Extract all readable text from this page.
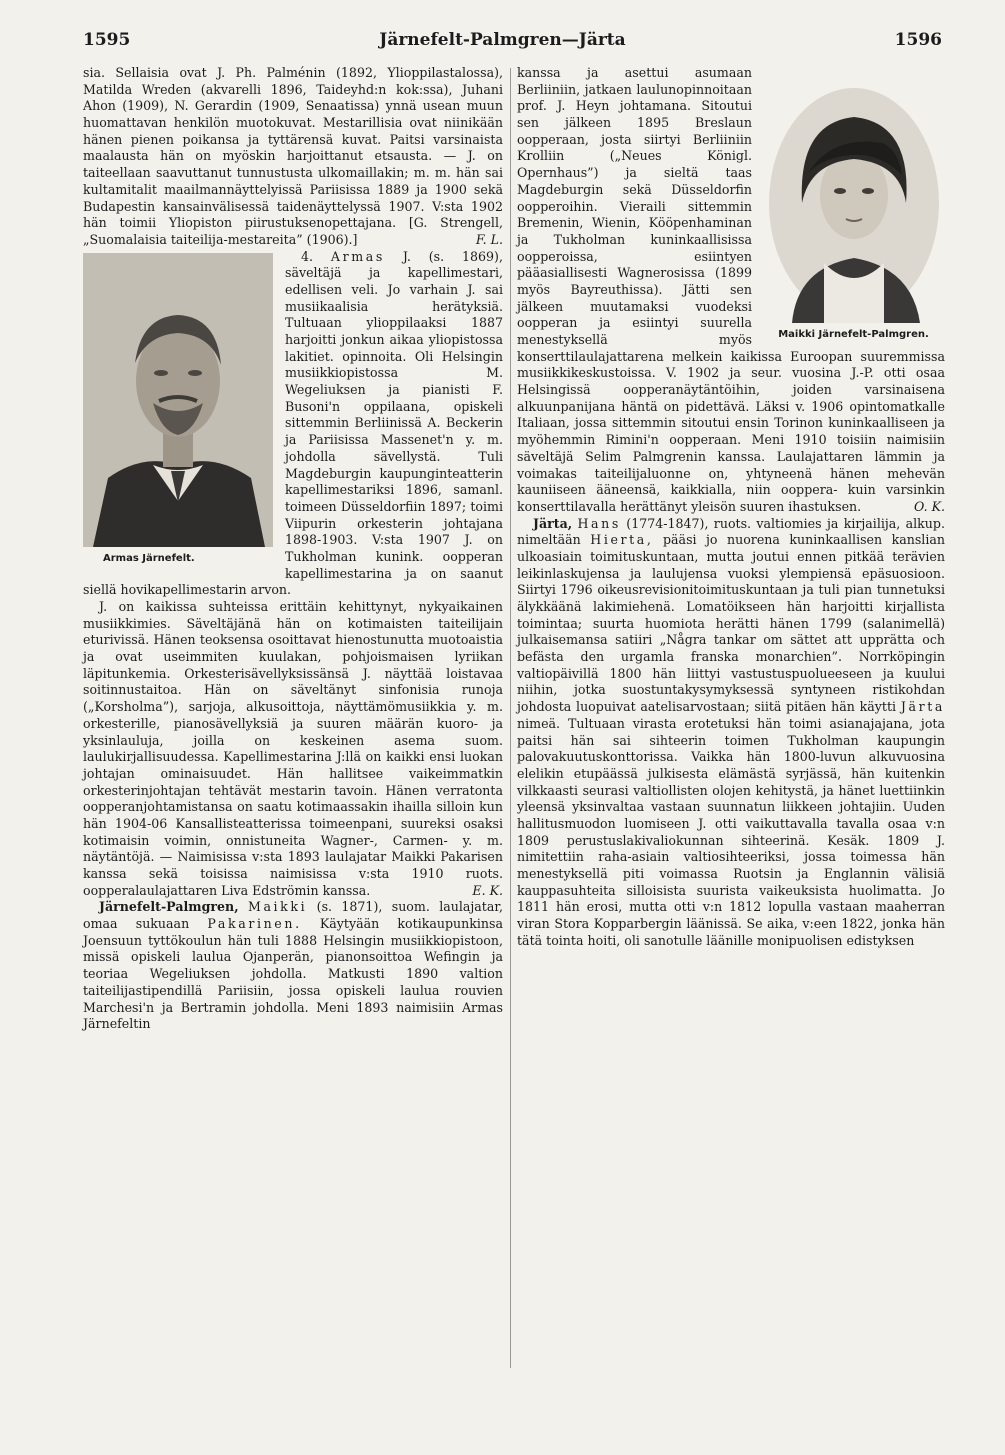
Järnefelt-Palmgren—Järta
1595	1596

sia. Sellaisia ovat J. Ph. Palménin (1892, Ylioppilastalossa), Matilda Wreden (akvarelli 1896, Taideyhd:n kok:ssa), Juhani Ahon (1909), N. Gerardin (1909, Senaatissa) ynnä usean muun huomattavan henkilön muotokuvat. Mestarillisia ovat niinikään hänen pienen poikansa ja tyttärensä kuvat. Paitsi varsinaista maalausta hän on myöskin harjoittanut etsausta. — J. on taiteellaan saavuttanut tunnustusta ulkomaillakin; m. m. hän sai kultamitalit maailmannäyttelyissä Pariisissa 1889 ja 1900 sekä Budapestin kansainvälisessä taidenäyttelyssä 1907. V:sta 1902 hän toimii Yliopiston piirustuksenopettajana. [G. Strengell, „Suomalaisia taiteilija-mestareita” (1906).]	F. L.

4. Armas
Armas Järnefelt.
J. (s. 1869), säveltäjä ja kapellimestari, edellisen veli. Jo varhain J. sai musiikaalisia herätyksiä. Tultuaan ylioppilaaksi 1887 harjoitti jonkun aikaa yliopistossa lakitiet. opinnoita. Oli Helsingin musiikkiopistossa M. Wegeliuksen ja pianisti F. Busoni'n oppilaana, opiskeli sittemmin Berliinissä A. Beckerin ja Pariisissa Massenet'n y. m. johdolla sävellystä. Tuli Magdeburgin kaupunginteatterin kapellimestariksi 1896, samanl. toimeen Düsseldorfiin 1897; toimi Viipurin orkesterin johtajana 1898-1903. V:sta 1907 J. on Tukholman kunink. oopperan kapellimestarina ja on saanut siellä hovikapellimestarin arvon.

J. on kaikissa suhteissa erittäin kehittynyt, nykyaikainen musiikkimies. Säveltäjänä hän on kotimaisten taiteilijain eturivissä. Hänen teoksensa osoittavat hienostunutta muotoaistia ja ovat useimmiten kuulakan, pohjoismaisen lyriikan läpitunkemia. Orkesterisävellyksissänsä J. näyttää loistavaa soitinnustaitoa. Hän on säveltänyt sinfonisia runoja („Korsholma”), sarjoja, alkusoittoja, näyttämömusiikkia y. m. orkesterille, pianosävellyksiä ja suuren määrän kuoro- ja yksinlauluja, joilla on keskeinen asema suom. laulukirjallisuudessa. Kapellimestarina J:llä on kaikki ensi luokan johtajan ominaisuudet. Hän hallitsee vaikeimmatkin orkesterinjohtajan tehtävät mestarin tavoin. Hänen verratonta oopperanjohtamistansa on saatu kotimaassakin ihailla silloin kun hän 1904-06 Kansallisteatterissa toimeenpani, suureksi osaksi kotimaisin voimin, onnistuneita Wagner-, Carmen- y. m. näytäntöjä. — Naimisissa v:sta 1893 laulajatar Maikki Pakarisen kanssa sekä toisissa naimisissa v:sta 1910 ruots. oopperalaulajattaren Liva Edströmin kanssa.	E. K.

Järnefelt-Palmgren, Maikki (s. 1871), suom. laulajatar, omaa sukuaan Pakarinen. Käytyään kotikaupunkinsa Joensuun tyttökoulun hän tuli 1888 Helsingin musiikkiopistoon, missä opiskeli laulua Ojanperän, pianonsoittoa Wefingin ja teoriaa Wegeliuksen johdolla. Matkusti 1890 valtion taiteilijastipendillä Pariisiin, jossa opiskeli laulua rouvien Marchesi'n ja Bertramin johdolla. Meni 1893 naimisiin Armas Järnefeltin

Maikki Järnefelt-Palmgren.

kanssa ja asettui asumaan Berliiniin, jatkaen laulunopinnoitaan prof. J. Heyn johtamana. Sitoutui sen jälkeen 1895 Breslaun oopperaan, josta siirtyi Berliiniin Krolliin („Neues Königl. Opernhaus”) ja sieltä taas Magdeburgin sekä Düsseldorfin oopperoihin. Vieraili sittemmin Bremenin, Wienin, Kööpenhaminan ja Tukholman kuninkaallisissa oopperoissa, esiintyen pääasiallisesti Wagnerosissa (1899 myös Bayreuthissa). Jätti sen jälkeen muutamaksi vuodeksi oopperan ja esiintyi suurella menestyksellä myös konserttilaulajattarena melkein kaikissa Euroopan suuremmissa musiikkikeskustoissa. V. 1902 ja seur. vuosina J.-P. otti osaa Helsingissä oopperanäytäntöihin, joiden varsinaisena alkuunpanijana häntä on pidettävä. Läksi v. 1906 opintomatkalle Italiaan, jossa sittemmin sitoutui ensin Torinon kuninkaalliseen ja myöhemmin Rimini'n oopperaan. Meni 1910 toisiin naimisiin säveltäjä Selim Palmgrenin kanssa. Laulajattaren lämmin ja voimakas taiteilijaluonne on, yhtyneenä hänen mehevän kauniiseen ääneensä, kaikkialla, niin ooppera- kuin varsinkin konserttilavalla herättänyt yleisön suuren ihastuksen.	O. K.

Järta, Hans (1774-1847), ruots. valtiomies ja kirjailija, alkup. nimeltään Hierta, pääsi jo nuorena kuninkaallisen kanslian ulkoasiain toimituskuntaan, mutta joutui ennen pitkää terävien leikinlaskujensa ja laulujensa vuoksi ylempiensä epäsuosioon. Siirtyi 1796 oikeusrevisionitoimituskuntaan ja tuli pian tunnetuksi älykkäänä lakimiehenä. Lomatöikseen hän harjoitti kirjallista toimintaa; suurta huomiota herätti hänen 1799 (salanimellä) julkaisemansa satiiri „Några tankar om sättet att upprätta och befästa den urgamla franska monarchien”. Norrköpingin valtiopäivillä 1800 hän liittyi vastustuspuolueeseen ja kuului niihin, jotka suostuntakysymyksessä syntyneen ristikohdan johdosta luopuivat aatelisarvostaan; siitä pitäen hän käytti Järta nimeä. Tultuaan virasta erotetuksi hän toimi asianajajana, jota paitsi hän sai sihteerin toimen Tukholman kaupungin palovakuutuskonttorissa. Vaikka hän 1800-luvun alkuvuosina elelikin etupäässä julkisesta elämästä syrjässä, hän kuitenkin vilkkaasti seurasi valtiollisten olojen kehitystä, ja hänet luettiinkin yleensä yksinvaltaa vastaan suunnatun liikkeen johtajiin. Uuden hallitusmuodon luomiseen J. otti vaikuttavalla tavalla osaa v:n 1809 perustuslakivaliokunnan sihteerinä. Kesäk. 1809 J. nimitettiin raha-asiain valtiosihteeriksi, jossa toimessa hän menestyksellä piti voimassa Ruotsin ja Englannin välisiä kauppasuhteita silloisista suurista vaikeuksista huolimatta. Jo 1811 hän erosi, mutta otti v:n 1812 lopulla vastaan maaherran viran Stora Kopparbergin läänissä. Se aika, v:een 1822, jonka hän tätä tointa hoiti, oli sanotulle läänille monipuolisen edistyksen
